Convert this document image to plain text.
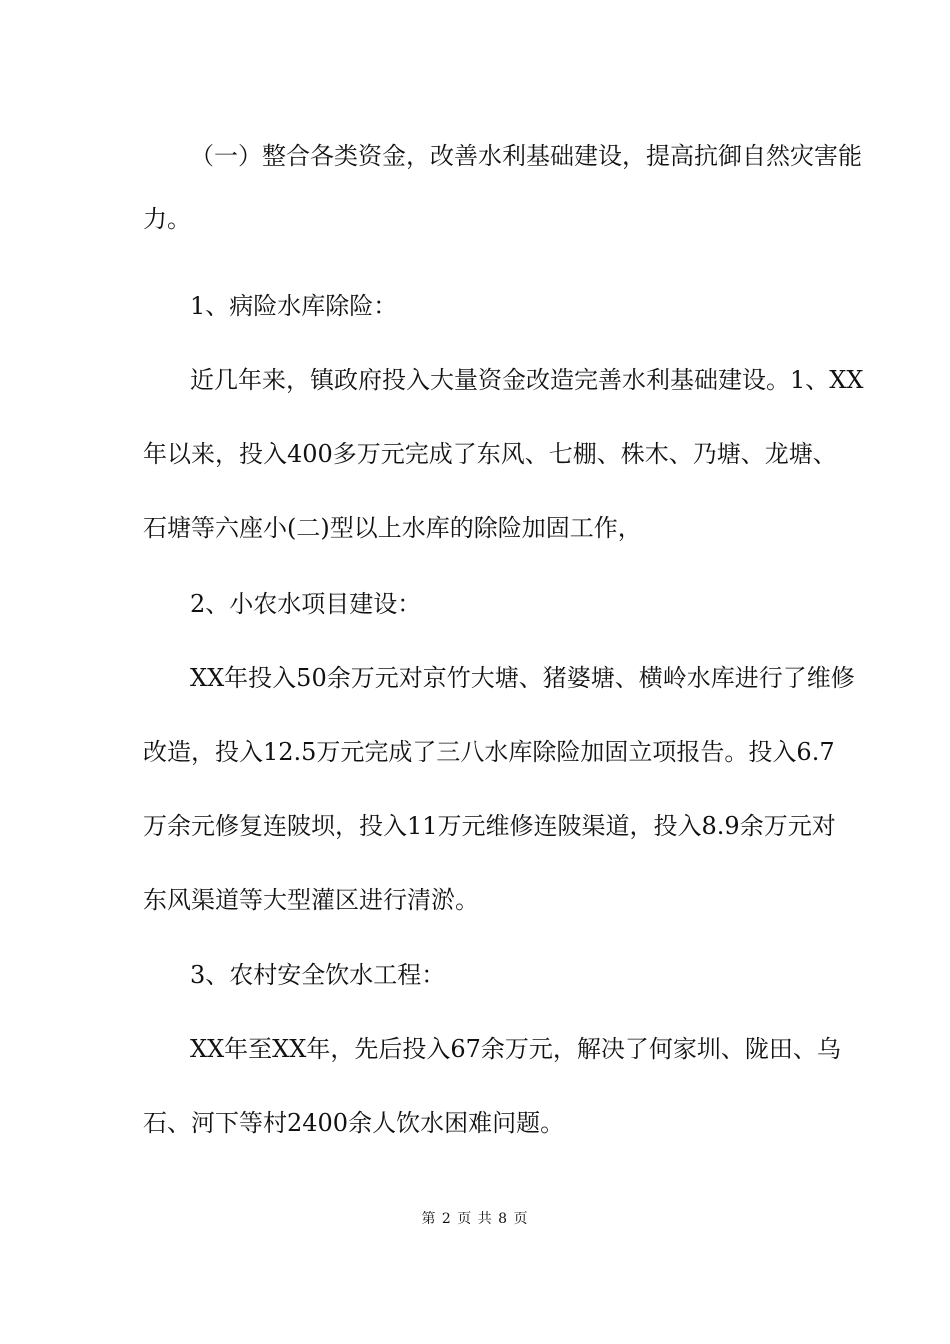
（一）整合各类资金，改善水利基础建设，提高抗御自然灾害能
力。
1、病险水库除险：
近几年来，镇政府投入大量资金改造完善水利基础建设。1、XX
年以来，投入400多万元完成了东风、七棚、株木、乃塘、龙塘、
石塘等六座小(二)型以上水库的除险加固工作，
2、小农水项目建设：
XX年投入50余万元对京竹大塘、猪婆塘、横岭水库进行了维修
改造，投入12.5万元完成了三八水库除险加固立项报告。投入6.7
万余元修复连陂坝，投入11万元维修连陂渠道，投入8.9余万元对
东风渠道等大型灌区进行清淤。
3、农村安全饮水工程：
XX年至XX年，先后投入67余万元，解决了何家圳、陇田、乌
石、河下等村2400余人饮水困难问题。
第 2 页 共 8 页
